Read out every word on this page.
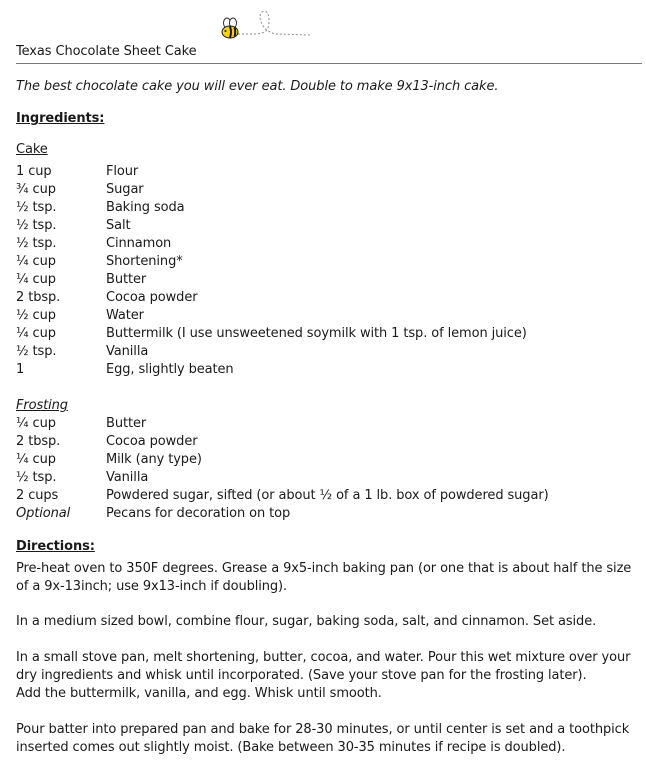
Texas Chocolate Sheet Cake
The best chocolate cake you will ever eat. Double to make 9x13-inch cake.
Ingredients:
Cake
1 cup	Flour
¾ cup	Sugar
½ tsp.	Baking soda
½ tsp.	Salt
½ tsp.	Cinnamon
¼ cup	Shortening*
¼ cup	Butter
2 tbsp.	Cocoa powder
½ cup	Water
¼ cup	Buttermilk (I use unsweetened soymilk with 1 tsp. of lemon juice)
½ tsp.	Vanilla
1	Egg, slightly beaten
Frosting
¼ cup	Butter
2 tbsp.	Cocoa powder
¼ cup	Milk (any type)
½ tsp.	Vanilla
2 cups	Powdered sugar, sifted (or about ½ of a 1 lb. box of powdered sugar)
Optional	Pecans for decoration on top
Directions:

Pre-heat oven to 350F degrees. Grease a 9x5-inch baking pan (or one that is about half the size of a 9x-13inch; use 9x13-inch if doubling).

In a medium sized bowl, combine flour, sugar, baking soda, salt, and cinnamon. Set aside.

In a small stove pan, melt shortening, butter, cocoa, and water. Pour this wet mixture over your dry ingredients and whisk until incorporated. (Save your stove pan for the frosting later).

Add the buttermilk, vanilla, and egg. Whisk until smooth.

Pour batter into prepared pan and bake for 28-30 minutes, or until center is set and a toothpick inserted comes out slightly moist. (Bake between 30-35 minutes if recipe is doubled).
